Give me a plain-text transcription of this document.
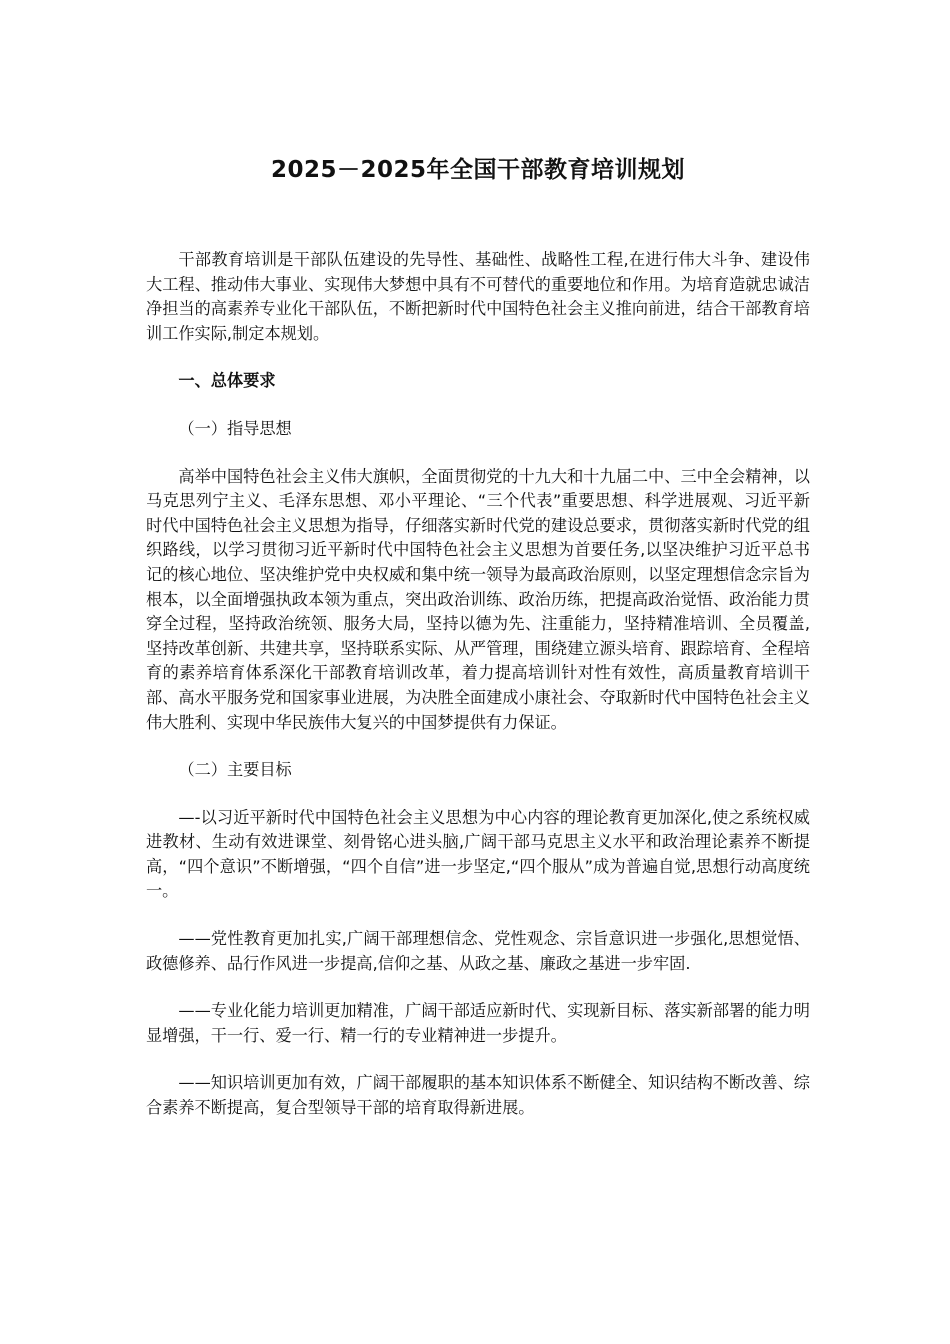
2025－2025年全国干部教育培训规划

干部教育培训是干部队伍建设的先导性、基础性、战略性工程,在进行伟大斗争、建设伟大工程、推动伟大事业、实现伟大梦想中具有不可替代的重要地位和作用。为培育造就忠诚洁净担当的高素养专业化干部队伍，不断把新时代中国特色社会主义推向前进，结合干部教育培训工作实际,制定本规划。

一、总体要求

（一）指导思想

高举中国特色社会主义伟大旗帜，全面贯彻党的十九大和十九届二中、三中全会精神，以马克思列宁主义、毛泽东思想、邓小平理论、“三个代表”重要思想、科学进展观、习近平新时代中国特色社会主义思想为指导，仔细落实新时代党的建设总要求，贯彻落实新时代党的组织路线，以学习贯彻习近平新时代中国特色社会主义思想为首要任务,以坚决维护习近平总书记的核心地位、坚决维护党中央权威和集中统一领导为最高政治原则，以坚定理想信念宗旨为根本，以全面增强执政本领为重点，突出政治训练、政治历练，把提高政治觉悟、政治能力贯穿全过程，坚持政治统领、服务大局，坚持以德为先、注重能力，坚持精准培训、全员覆盖,坚持改革创新、共建共享，坚持联系实际、从严管理，围绕建立源头培育、跟踪培育、全程培育的素养培育体系深化干部教育培训改革，着力提高培训针对性有效性，高质量教育培训干部、高水平服务党和国家事业进展，为决胜全面建成小康社会、夺取新时代中国特色社会主义伟大胜利、实现中华民族伟大复兴的中国梦提供有力保证。

（二）主要目标

—-以习近平新时代中国特色社会主义思想为中心内容的理论教育更加深化,使之系统权威进教材、生动有效进课堂、刻骨铭心进头脑,广阔干部马克思主义水平和政治理论素养不断提高，“四个意识”不断增强，“四个自信”进一步坚定,“四个服从”成为普遍自觉,思想行动高度统一。

——党性教育更加扎实,广阔干部理想信念、党性观念、宗旨意识进一步强化,思想觉悟、政德修养、品行作风进一步提高,信仰之基、从政之基、廉政之基进一步牢固.

——专业化能力培训更加精准，广阔干部适应新时代、实现新目标、落实新部署的能力明显增强，干一行、爱一行、精一行的专业精神进一步提升。

——知识培训更加有效，广阔干部履职的基本知识体系不断健全、知识结构不断改善、综合素养不断提高，复合型领导干部的培育取得新进展。
